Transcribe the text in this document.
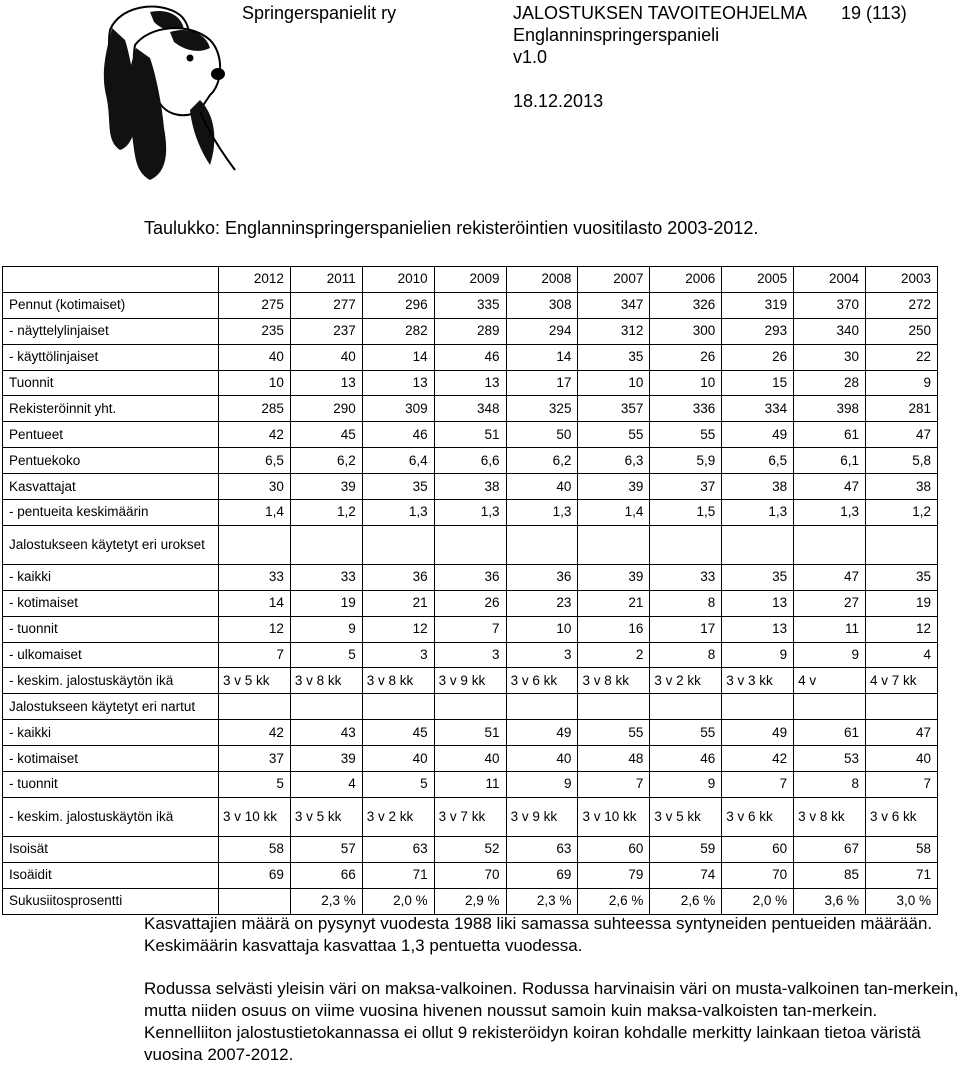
Springerspanielit ry	JALOSTUKSEN TAVOITEOHJELMA 19 (113)
Englanninspringerspanieli
v1.0
18.12.2013
Taulukko: Englanninspringerspanielien rekisteröintien vuositilasto 2003-2012.
	2012	2011	2010	2009	2008	2007	2006	2005	2004	2003
Pennut (kotimaiset)	275	277	296	335	308	347	326	319	370	272
- näyttelylinjaiset	235	237	282	289	294	312	300	293	340	250
- käyttölinjaiset	40	40	14	46	14	35	26	26	30	22
Tuonnit	10	13	13	13	17	10	10	15	28	9
Rekisteröinnit yht.	285	290	309	348	325	357	336	334	398	281
Pentueet	42	45	46	51	50	55	55	49	61	47
Pentuekoko	6,5	6,2	6,4	6,6	6,2	6,3	5,9	6,5	6,1	5,8
Kasvattajat	30	39	35	38	40	39	37	38	47	38
- pentueita keskimäärin	1,4	1,2	1,3	1,3	1,3	1,4	1,5	1,3	1,3	1,2
Jalostukseen käytetyt eri urokset										
- kaikki	33	33	36	36	36	39	33	35	47	35
- kotimaiset	14	19	21	26	23	21	8	13	27	19
- tuonnit	12	9	12	7	10	16	17	13	11	12
- ulkomaiset	7	5	3	3	3	2	8	9	9	4
- keskim. jalostuskäytön ikä	3 v 5 kk	3 v 8 kk	3 v 8 kk	3 v 9 kk	3 v 6 kk	3 v 8 kk	3 v 2 kk	3 v 3 kk	4 v	4 v 7 kk
Jalostukseen käytetyt eri nartut										
- kaikki	42	43	45	51	49	55	55	49	61	47
- kotimaiset	37	39	40	40	40	48	46	42	53	40
- tuonnit	5	4	5	11	9	7	9	7	8	7
- keskim. jalostuskäytön ikä	3 v 10 kk	3 v 5 kk	3 v 2 kk	3 v 7 kk	3 v 9 kk	3 v 10 kk	3 v 5 kk	3 v 6 kk	3 v 8 kk	3 v 6 kk
Isoisät	58	57	63	52	63	60	59	60	67	58
Isoäidit	69	66	71	70	69	79	74	70	85	71
Sukusiitosprosentti		2,3 %	2,0 %	2,9 %	2,3 %	2,6 %	2,6 %	2,0 %	3,6 %	3,0 %
Kasvattajien määrä on pysynyt vuodesta 1988 liki samassa suhteessa syntyneiden pentueiden määrään. Keskimäärin kasvattaja kasvattaa 1,3 pentuetta vuodessa.
Rodussa selvästi yleisin väri on maksa-valkoinen. Rodussa harvinaisin väri on musta-valkoinen tan-merkein, mutta niiden osuus on viime vuosina hivenen noussut samoin kuin maksa-valkoisten tan-merkein. Kennelliiton jalostustietokannassa ei ollut 9 rekisteröidyn koiran kohdalle merkitty lainkaan tietoa väristä vuosina 2007-2012.
